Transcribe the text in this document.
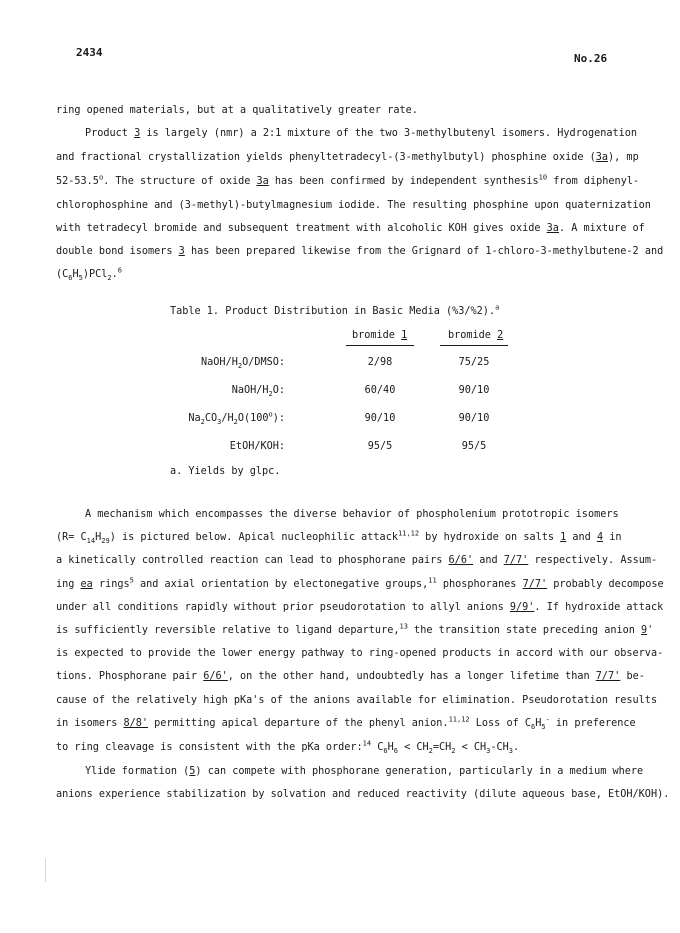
2434	No.26
ring opened materials, but at a qualitatively greater rate.
Product 3 is largely (nmr) a 2:1 mixture of the two 3-methylbutenyl isomers. Hydrogenation
and fractional crystallization yields phenyltetradecyl-(3-methylbutyl) phosphine oxide (3a), mp
52-53.5$^o$. The structure of oxide 3a has been confirmed by independent synthesis$^{10}$ from diphenyl-
chlorophosphine and (3-methyl)-butylmagnesium iodide. The resulting phosphine upon quaternization
with tetradecyl bromide and subsequent treatment with alcoholic KOH gives oxide 3a. A mixture of
double bond isomers 3 has been prepared likewise from the Grignard of 1-chloro-3-methylbutene-2 and
$(C_6H_5)PCl_2.^6$
Table 1. Product Distribution in Basic Media (%3/%2).$^a$
bromide 1	bromide 2
NaOH/$H_2O$/DMSO:	2/98	75/25
NaOH/$H_2O$:	60/40	90/10
$Na_2CO_3/H_2O(100^o)$:	90/10	90/10
EtOH/KOH:	95/5	95/5
a. Yields by glpc.
A mechanism which encompasses the diverse behavior of phospholenium prototropic isomers
$(R= C_{14}H_{29})$ is pictured below. Apical nucleophilic attack$^{11,12}$ by hydroxide on salts 1 and 4 in
a kinetically controlled reaction can lead to phosphorane pairs 6/6' and 7/7' respectively. Assum-
ing ea rings$^5$ and axial orientation by electonegative groups,$^{11}$ phosphoranes 7/7' probably decompose
under all conditions rapidly without prior pseudorotation to allyl anions 9/9'. If hydroxide attack
is sufficiently reversible relative to ligand departure,$^{13}$ the transition state preceding anion 9'
is expected to provide the lower energy pathway to ring-opened products in accord with our observa-
tions. Phosphorane pair 6/6', on the other hand, undoubtedly has a longer lifetime than 7/7' be-
cause of the relatively high pKa's of the anions available for elimination. Pseudorotation results
in isomers 8/8' permitting apical departure of the phenyl anion.$^{11,12}$ Loss of $C_6H_5^-$ in preference
to ring cleavage is consistent with the pKa order:$^{14}$ $C_6H_6 < CH_2=CH_2 < CH_3-CH_3$.
Ylide formation (5) can compete with phosphorane generation, particularly in a medium where
anions experience stabilization by solvation and reduced reactivity (dilute aqueous base, EtOH/KOH).
